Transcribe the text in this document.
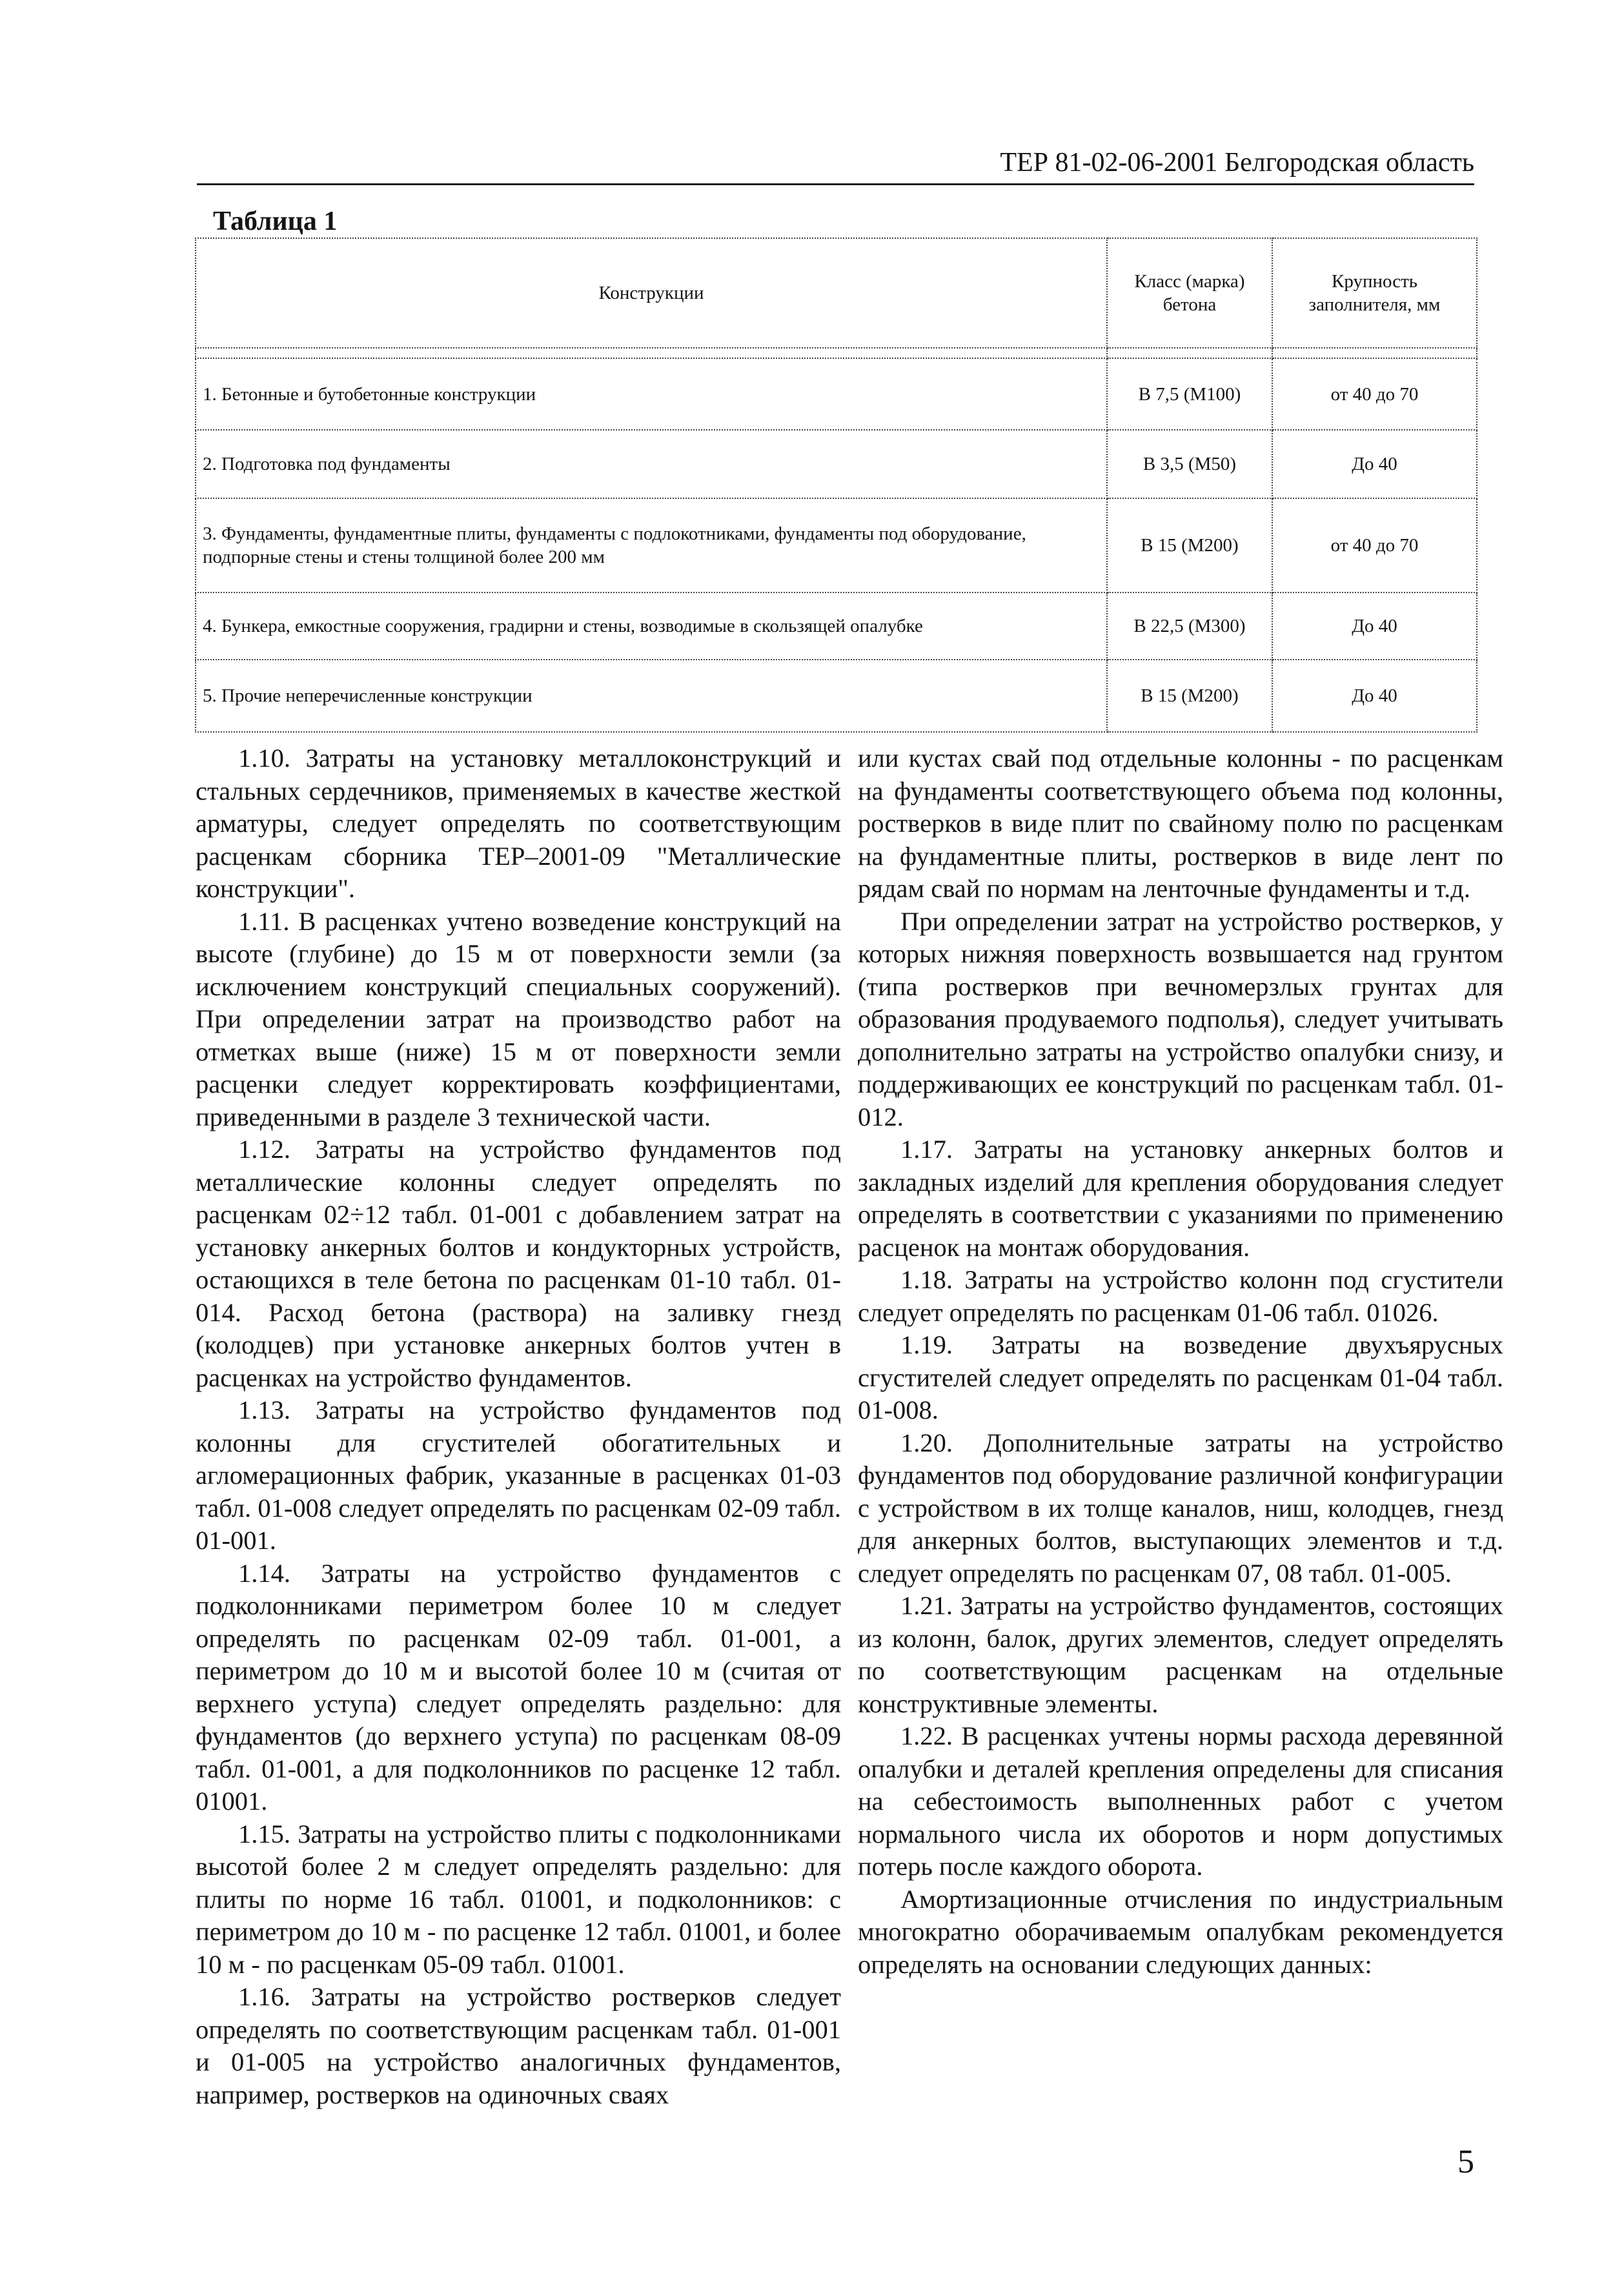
ТЕР 81-02-06-2001 Белгородская область
Таблица 1
Конструкции	Класс (марка) бетона	Крупность заполнителя, мм

1. Бетонные и бутобетонные конструкции	В 7,5 (М100)	от 40 до 70
2. Подготовка под фундаменты	В 3,5 (М50)	До 40
3. Фундаменты, фундаментные плиты, фундаменты с подлокотниками, фундаменты под оборудование, подпорные стены и стены толщиной более 200 мм	В 15 (М200)	от 40 до 70
4. Бункера, емкостные сооружения, градирни и стены, возводимые в скользящей опалубке	В 22,5 (М300)	До 40
5. Прочие неперечисленные конструкции	В 15 (М200)	До 40

1.10. Затраты на установку металлоконструкций и стальных сердечников, применяемых в качестве жесткой арматуры, следует определять по соответствующим расценкам сборника ТЕР–2001-09 "Металлические конструкции".

1.11. В расценках учтено возведение конструкций на высоте (глубине) до 15 м от поверхности земли (за исключением конструкций специальных сооружений). При определении затрат на производство работ на отметках выше (ниже) 15 м от поверхности земли расценки следует корректировать коэффициентами, приведенными в разделе 3 технической части.

1.12. Затраты на устройство фундаментов под металлические колонны следует определять по расценкам 02÷12 табл. 01-001 с добавлением затрат на установку анкерных болтов и кондукторных устройств, остающихся в теле бетона по расценкам 01-10 табл. 01-014. Расход бетона (раствора) на заливку гнезд (колодцев) при установке анкерных болтов учтен в расценках на устройство фундаментов.

1.13. Затраты на устройство фундаментов под колонны для сгустителей обогатительных и агломерационных фабрик, указанные в расценках 01-03 табл. 01-008 следует определять по расценкам 02-09 табл. 01-001.

1.14. Затраты на устройство фундаментов с подколонниками периметром более 10 м следует определять по расценкам 02-09 табл. 01-001, а периметром до 10 м и высотой более 10 м (считая от верхнего уступа) следует определять раздельно: для фундаментов (до верхнего уступа) по расценкам 08-09 табл. 01-001, а для подколонников по расценке 12 табл. 01001.

1.15. Затраты на устройство плиты с подколонниками высотой более 2 м следует определять раздельно: для плиты по норме 16 табл. 01001, и подколонников: с периметром до 10 м - по расценке 12 табл. 01001, и более 10 м - по расценкам 05-09 табл. 01001.

1.16. Затраты на устройство ростверков следует определять по соответствующим расценкам табл. 01-001 и 01-005 на устройство аналогичных фундаментов, например, ростверков на одиночных сваях

или кустах свай под отдельные колонны - по расценкам на фундаменты соответствующего объема под колонны, ростверков в виде плит по свайному полю по расценкам на фундаментные плиты, ростверков в виде лент по рядам свай по нормам на ленточные фундаменты и т.д.

При определении затрат на устройство ростверков, у которых нижняя поверхность возвышается над грунтом (типа ростверков при вечномерзлых грунтах для образования продуваемого подполья), следует учитывать дополнительно затраты на устройство опалубки снизу, и поддерживающих ее конструкций по расценкам табл. 01-012.

1.17. Затраты на установку анкерных болтов и закладных изделий для крепления оборудования следует определять в соответствии с указаниями по применению расценок на монтаж оборудования.

1.18. Затраты на устройство колонн под сгустители следует определять по расценкам 01-06 табл. 01026.

1.19. Затраты на возведение двухъярусных сгустителей следует определять по расценкам 01-04 табл. 01-008.

1.20. Дополнительные затраты на устройство фундаментов под оборудование различной конфигурации с устройством в их толще каналов, ниш, колодцев, гнезд для анкерных болтов, выступающих элементов и т.д. следует определять по расценкам 07, 08 табл. 01-005.

1.21. Затраты на устройство фундаментов, состоящих из колонн, балок, других элементов, следует определять по соответствующим расценкам на отдельные конструктивные элементы.

1.22. В расценках учтены нормы расхода деревянной опалубки и деталей крепления определены для списания на себестоимость выполненных работ с учетом нормального числа их оборотов и норм допустимых потерь после каждого оборота.

Амортизационные отчисления по индустриальным многократно оборачиваемым опалубкам рекомендуется определять на основании следующих данных:

5
